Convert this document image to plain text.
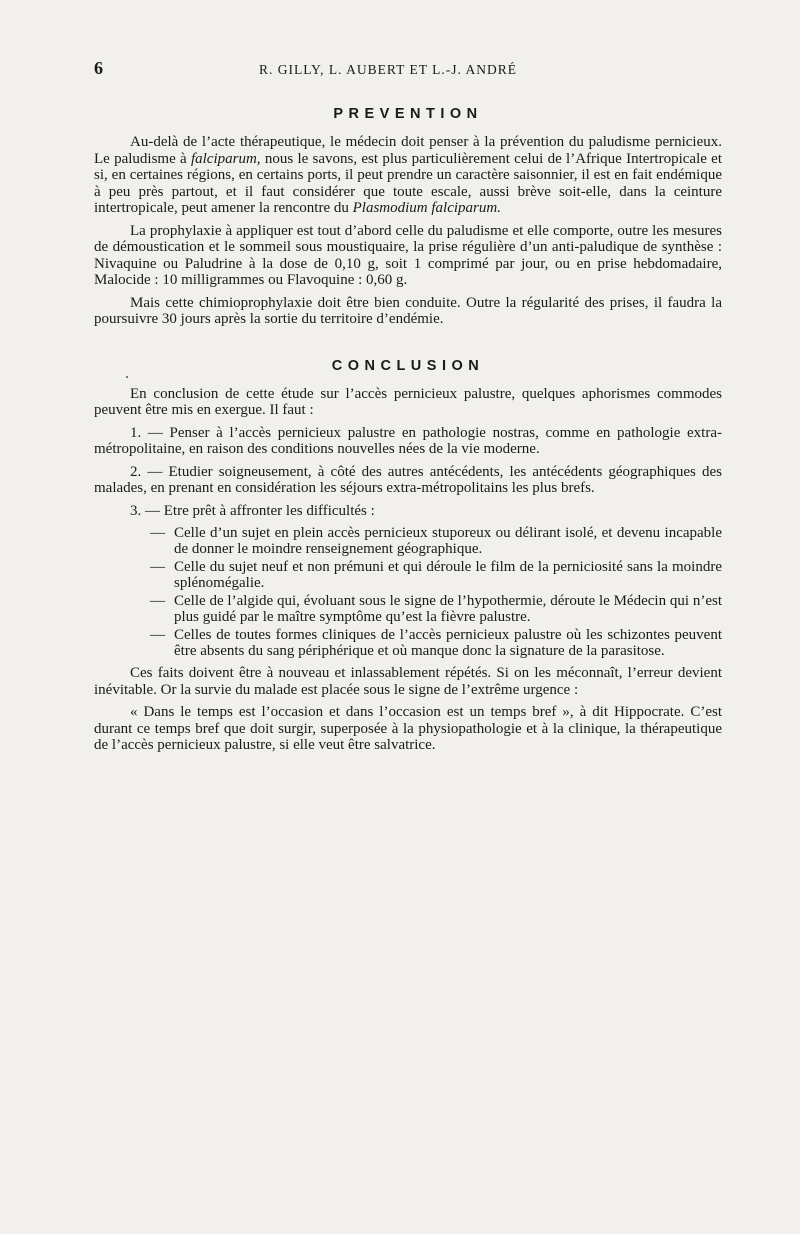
6	R. GILLY, L. AUBERT ET L.-J. ANDRÉ
PREVENTION

Au-delà de l’acte thérapeutique, le médecin doit penser à la prévention du paludisme pernicieux. Le paludisme à falciparum, nous le savons, est plus particulièrement celui de l’Afrique Intertropicale et si, en certaines régions, en certains ports, il peut prendre un caractère saisonnier, il est en fait endémique à peu près partout, et il faut considérer que toute escale, aussi brève soit-elle, dans la ceinture intertropicale, peut amener la rencontre du Plasmodium falciparum.

La prophylaxie à appliquer est tout d’abord celle du paludisme et elle comporte, outre les mesures de démoustication et le sommeil sous moustiquaire, la prise régulière d’un anti-paludique de synthèse : Nivaquine ou Paludrine à la dose de 0,10 g, soit 1 comprimé par jour, ou en prise hebdomadaire, Malocide : 10 milligrammes ou Flavoquine : 0,60 g.

Mais cette chimioprophylaxie doit être bien conduite. Outre la régularité des prises, il faudra la poursuivre 30 jours après la sortie du territoire d’endémie.

CONCLUSION

En conclusion de cette étude sur l’accès pernicieux palustre, quelques aphorismes commodes peuvent être mis en exergue. Il faut :

1. — Penser à l’accès pernicieux palustre en pathologie nostras, comme en pathologie extra-métropolitaine, en raison des conditions nouvelles nées de la vie moderne.

2. — Etudier soigneusement, à côté des autres antécédents, les antécédents géographiques des malades, en prenant en considération les séjours extra-métropolitains les plus brefs.

3. — Etre prêt à affronter les difficultés :

— Celle d’un sujet en plein accès pernicieux stuporeux ou délirant isolé, et devenu incapable de donner le moindre renseignement géographique.
— Celle du sujet neuf et non prémuni et qui déroule le film de la perniciosité sans la moindre splénomégalie.
— Celle de l’algide qui, évoluant sous le signe de l’hypothermie, déroute le Médecin qui n’est plus guidé par le maître symptôme qu’est la fièvre palustre.
— Celles de toutes formes cliniques de l’accès pernicieux palustre où les schizontes peuvent être absents du sang périphérique et où manque donc la signature de la parasitose.

Ces faits doivent être à nouveau et inlassablement répétés. Si on les méconnaît, l’erreur devient inévitable. Or la survie du malade est placée sous le signe de l’extrême urgence :

« Dans le temps est l’occasion et dans l’occasion est un temps bref », à dit Hippocrate. C’est durant ce temps bref que doit surgir, superposée à la physiopathologie et à la clinique, la thérapeutique de l’accès pernicieux palustre, si elle veut être salvatrice.
